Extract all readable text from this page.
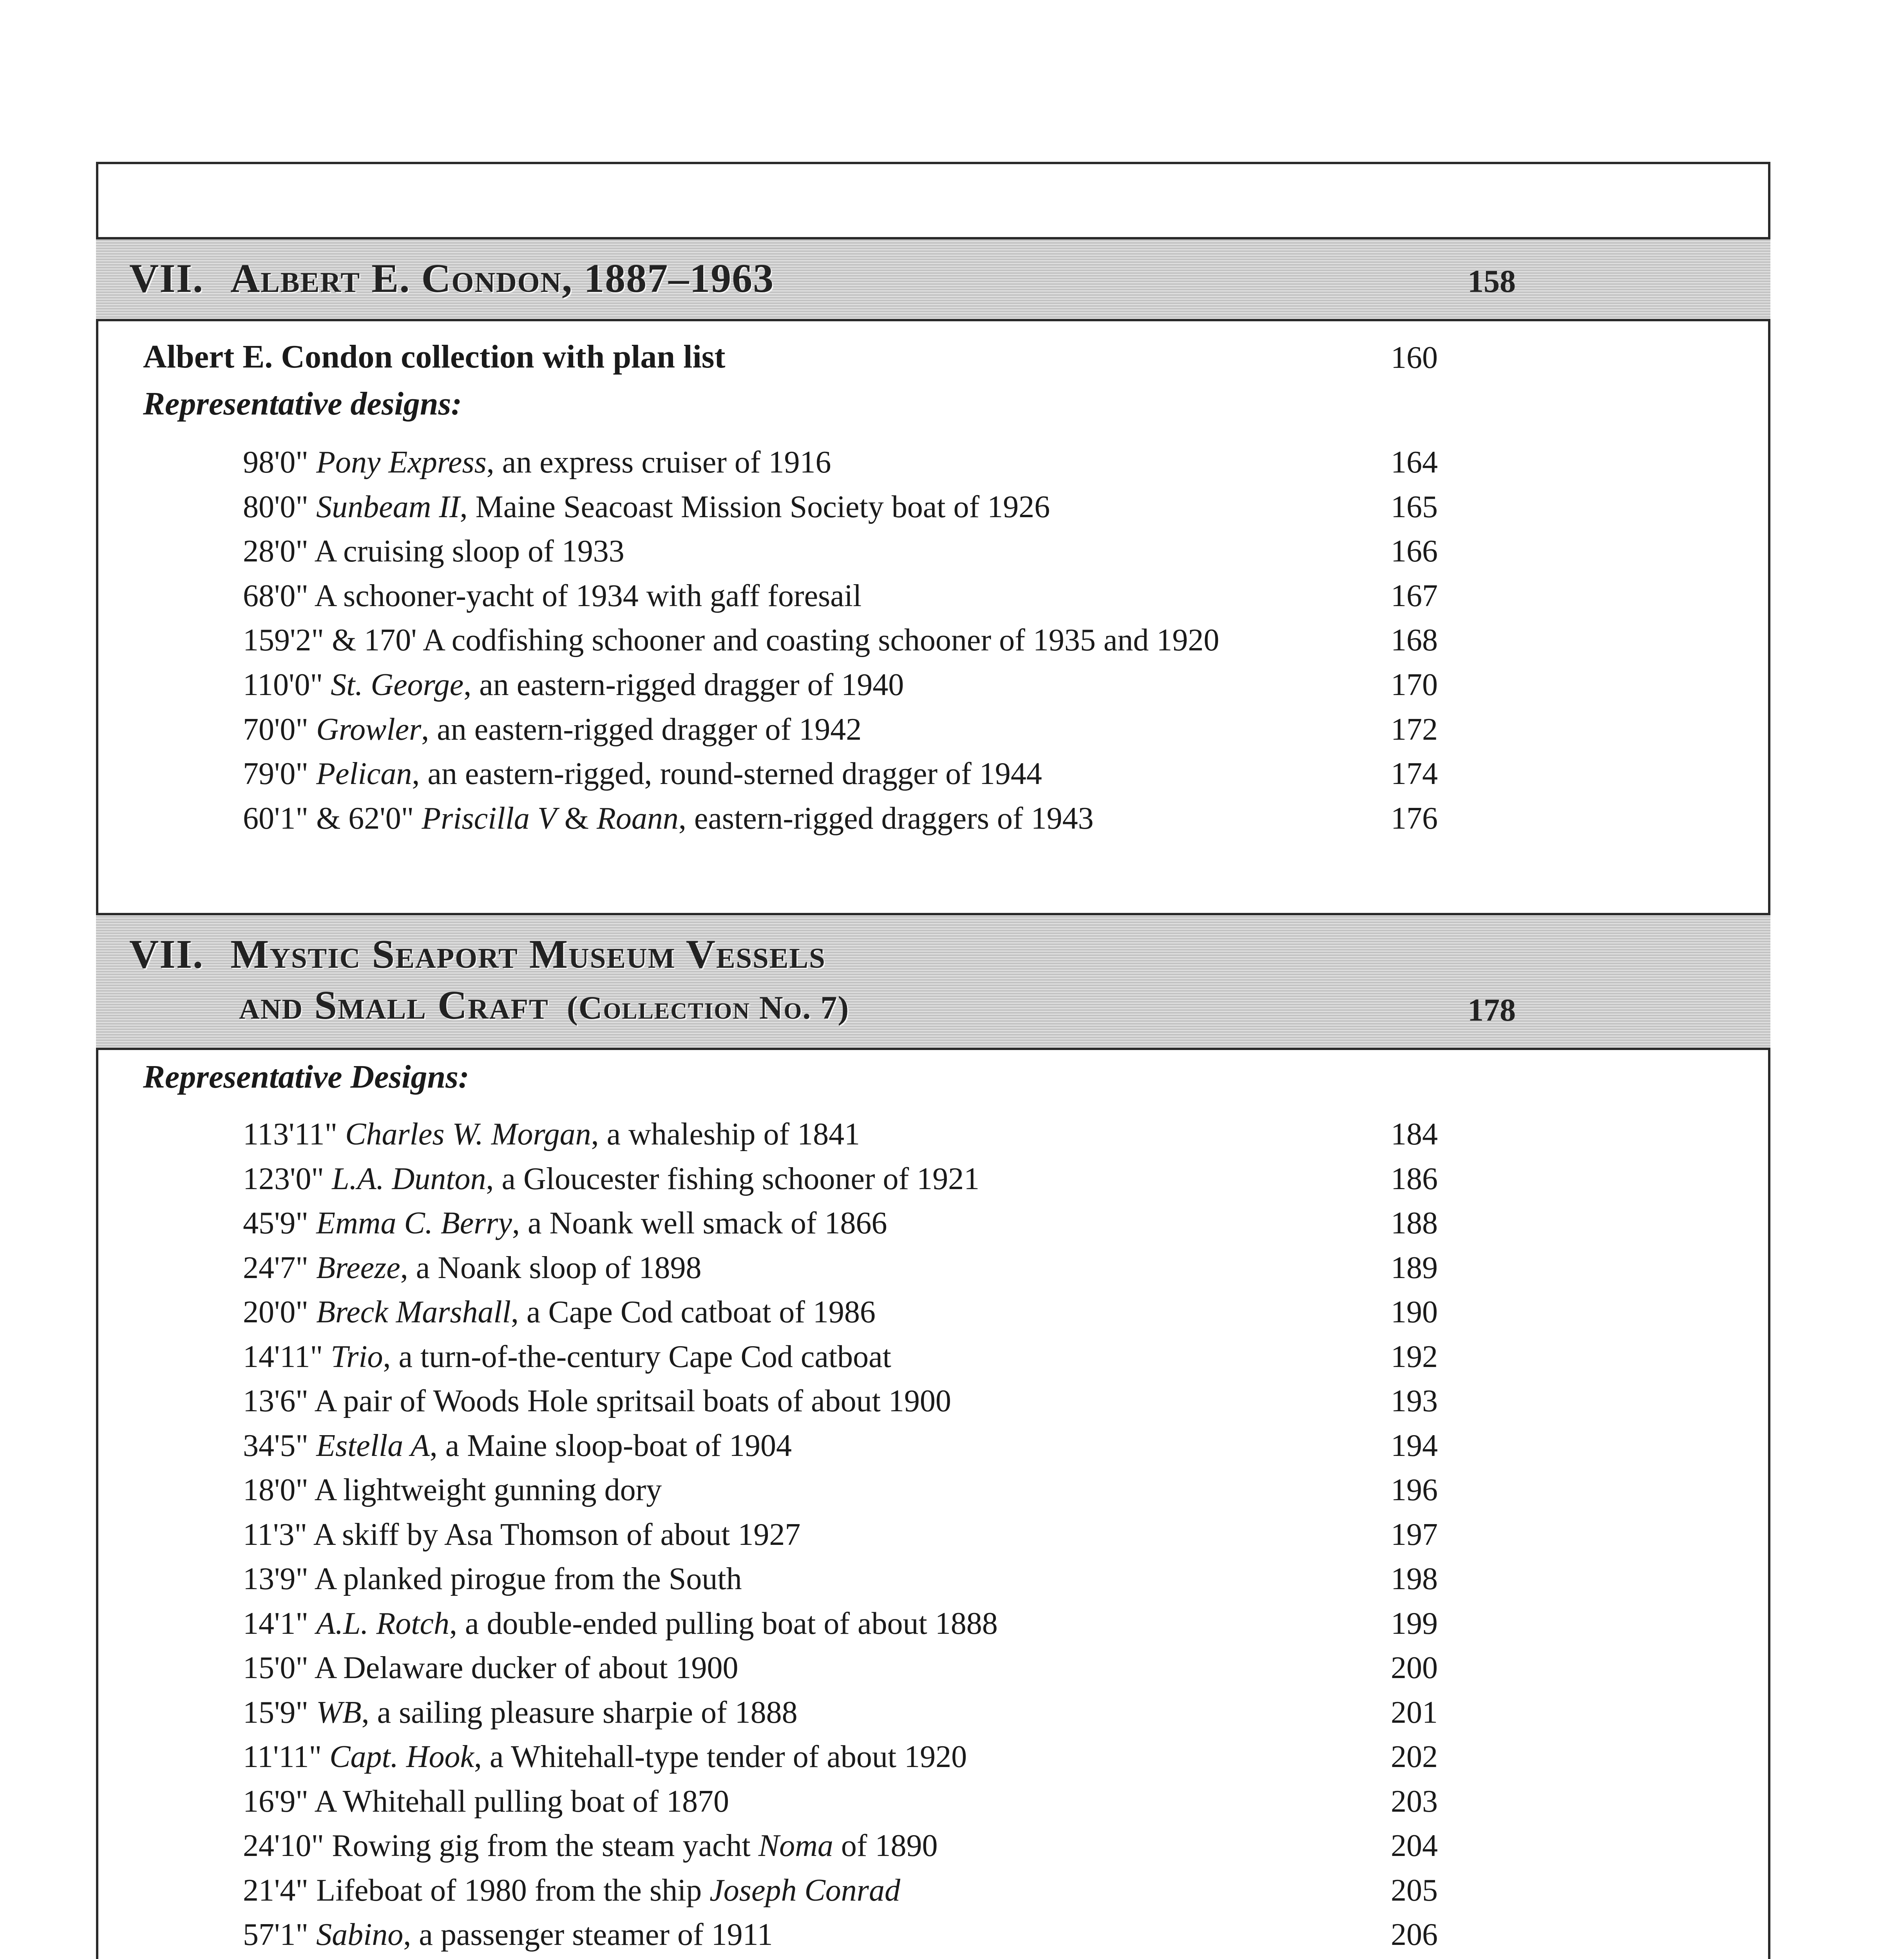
VII. Albert E. Condon, 1887–1963	158
Albert E. Condon collection with plan list	160
Representative designs:
98'0" Pony Express, an express cruiser of 1916	164
80'0" Sunbeam II, Maine Seacoast Mission Society boat of 1926	165
28'0" A cruising sloop of 1933	166
68'0" A schooner-yacht of 1934 with gaff foresail	167
159'2" & 170' A codfishing schooner and coasting schooner of 1935 and 1920	168
110'0" St. George, an eastern-rigged dragger of 1940	170
70'0" Growler, an eastern-rigged dragger of 1942	172
79'0" Pelican, an eastern-rigged, round-sterned dragger of 1944	174
60'1" & 62'0" Priscilla V & Roann, eastern-rigged draggers of 1943	176
VII. Mystic Seaport Museum Vessels
and Small Craft (Collection No. 7)	178
Representative Designs:
113'11" Charles W. Morgan, a whaleship of 1841	184
123'0" L.A. Dunton, a Gloucester fishing schooner of 1921	186
45'9" Emma C. Berry, a Noank well smack of 1866	188
24'7" Breeze, a Noank sloop of 1898	189
20'0" Breck Marshall, a Cape Cod catboat of 1986	190
14'11" Trio, a turn-of-the-century Cape Cod catboat	192
13'6" A pair of Woods Hole spritsail boats of about 1900	193
34'5" Estella A, a Maine sloop-boat of 1904	194
18'0" A lightweight gunning dory	196
11'3" A skiff by Asa Thomson of about 1927	197
13'9" A planked pirogue from the South	198
14'1" A.L. Rotch, a double-ended pulling boat of about 1888	199
15'0" A Delaware ducker of about 1900	200
15'9" WB, a sailing pleasure sharpie of 1888	201
11'11" Capt. Hook, a Whitehall-type tender of about 1920	202
16'9" A Whitehall pulling boat of 1870	203
24'10" Rowing gig from the steam yacht Noma of 1890	204
21'4" Lifeboat of 1980 from the ship Joseph Conrad	205
57'1" Sabino, a passenger steamer of 1911	206
